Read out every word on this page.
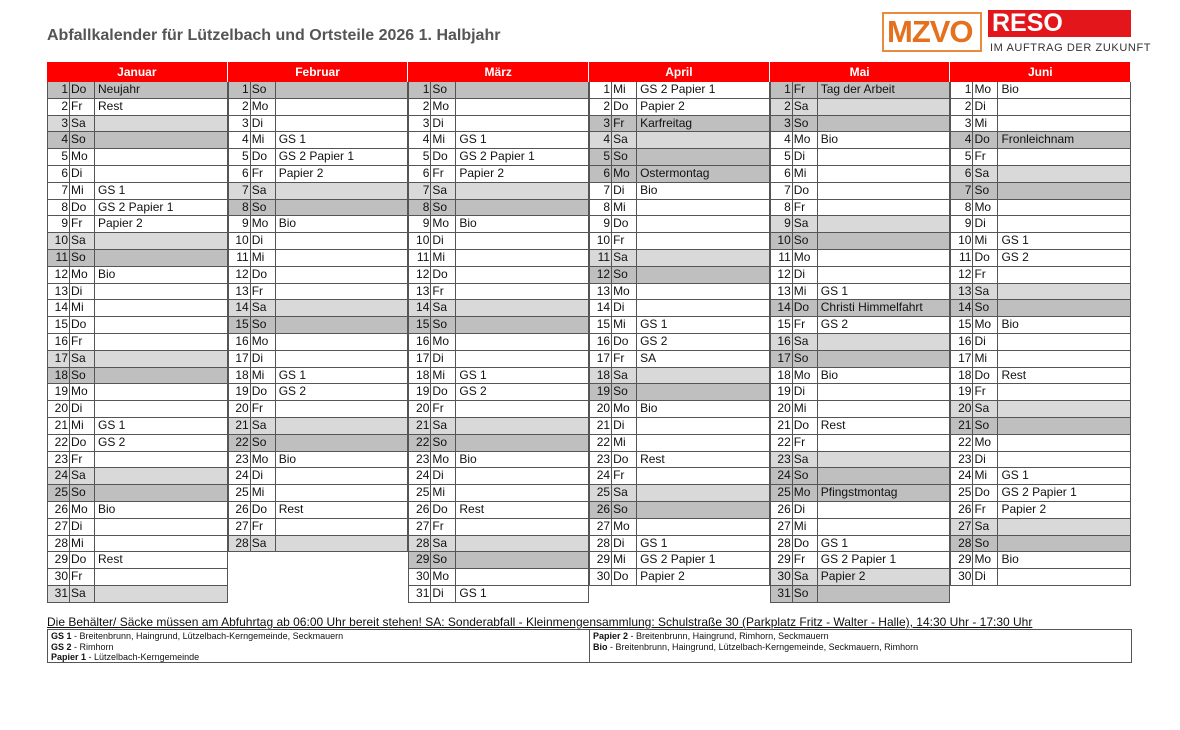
Abfallkalender für Lützelbach und Ortsteile 2026 1. Halbjahr	MZVO RESO
IM AUFTRAG DER ZUKUNFT
Januar
1 Do Neujahr
2 Fr	Rest
3 Sa
4 So
5 Mo
6 Di
7 Mi	GS 1
8 Do GS 2 Papier 1
9 Fr	Papier 2
10 Sa
11 So
12 Mo Bio
13 Di
14 Mi
15 Do
16 Fr
17 Sa
18 So
19 Mo
20 Di
21 Mi	GS 1
22 Do GS 2
23 Fr
24 Sa
25 So
26 Mo Bio
27 Di
28 Mi
29 Do Rest
30 Fr
31 Sa
Februar
1 So
2 Mo
3 Di
4 Mi	GS 1
5 Do GS 2 Papier 1
6 Fr	Papier 2
7 Sa
8 So
9 Mo Bio
10 Di
11 Mi
12 Do
13 Fr
14 Sa
15 So
16 Mo
17 Di
18 Mi	GS 1
19 Do GS 2
20 Fr
21 Sa
22 So
23 Mo Bio
24 Di
25 Mi
26 Do Rest
27 Fr
28 Sa
März
1 So
2 Mo
3 Di
4 Mi	GS 1
5 Do GS 2 Papier 1
6 Fr	Papier 2
7 Sa
8 So
9 Mo Bio
10 Di
11 Mi
12 Do
13 Fr
14 Sa
15 So
16 Mo
17 Di
18 Mi	GS 1
19 Do GS 2
20 Fr
21 Sa
22 So
23 Mo Bio
24 Di
25 Mi
26 Do Rest
27 Fr
28 Sa
29 So
30 Mo
31 Di	GS 1
April
1 Mi	GS 2 Papier 1
2 Do Papier 2
3 Fr	Karfreitag
4 Sa
5 So
6 Mo Ostermontag
7 Di	Bio
8 Mi
9 Do
10 Fr
11 Sa
12 So
13 Mo
14 Di
15 Mi	GS 1
16 Do GS 2
17 Fr	SA
18 Sa
19 So
20 Mo Bio
21 Di
22 Mi
23 Do Rest
24 Fr
25 Sa
26 So
27 Mo
28 Di	GS 1
29 Mi	GS 2 Papier 1
30 Do Papier 2
Mai
1 Fr	Tag der Arbeit
2 Sa
3 So
4 Mo Bio
5 Di
6 Mi
7 Do
8 Fr
9 Sa
10 So
11 Mo
12 Di
13 Mi	GS 1
14 Do Christi Himmelfahrt
15 Fr	GS 2
16 Sa
17 So
18 Mo Bio
19 Di
20 Mi
21 Do Rest
22 Fr
23 Sa
24 So
25 Mo Pfingstmontag
26 Di
27 Mi
28 Do GS 1
29 Fr	GS 2 Papier 1
30 Sa	Papier 2
31 So
Juni
1 Mo Bio
2 Di
3 Mi
4 Do Fronleichnam
5 Fr
6 Sa
7 So
8 Mo
9 Di
10 Mi	GS 1
11 Do GS 2
12 Fr
13 Sa
14 So
15 Mo Bio
16 Di
17 Mi
18 Do Rest
19 Fr
20 Sa
21 So
22 Mo
23 Di
24 Mi	GS 1
25 Do GS 2 Papier 1
26 Fr	Papier 2
27 Sa
28 So
29 Mo Bio
30 Di
Die Behälter/ Säcke müssen am Abfuhrtag ab 06:00 Uhr bereit stehen! SA: Sonderabfall - Kleinmengensammlung: Schulstraße 30 (Parkplatz Fritz - Walter - Halle), 14:30 Uhr - 17:30 Uhr
GS 1 - Breitenbrunn, Haingrund, Lützelbach-Kerngemeinde, Seckmauern
GS 2 - Rimhorn
Papier 1 - Lützelbach-Kerngemeinde
Papier 2 - Breitenbrunn, Haingrund, Rimhorn, Seckmauern
Bio - Breitenbrunn, Haingrund, Lützelbach-Kerngemeinde, Seckmauern, Rimhorn
